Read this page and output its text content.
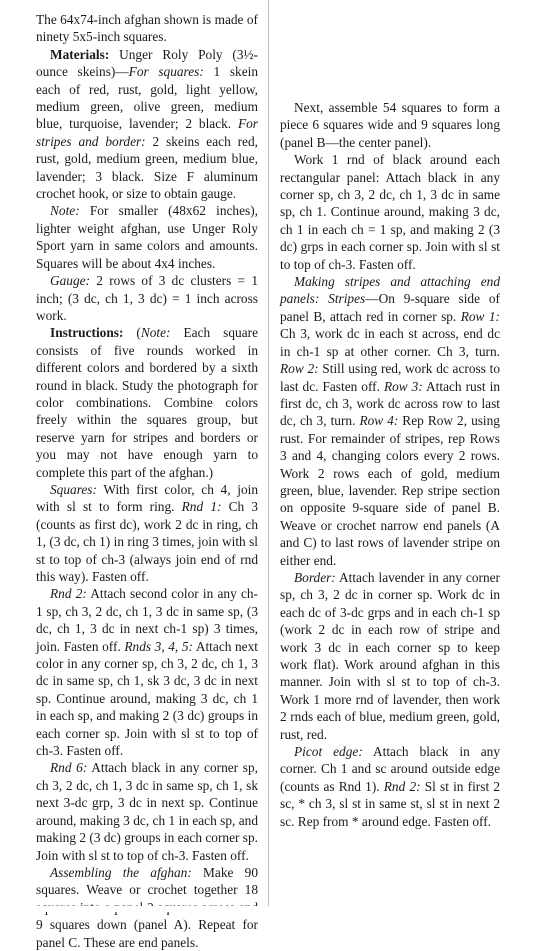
The 64x74-inch afghan shown is made of ninety 5x5-inch squares.

Materials: Unger Roly Poly (3½-ounce skeins)—For squares: 1 skein each of red, rust, gold, light yellow, medium green, olive green, medium blue, turquoise, lavender; 2 black. For stripes and border: 2 skeins each red, rust, gold, medium green, medium blue, lavender; 3 black. Size F aluminum crochet hook, or size to obtain gauge.

Note: For smaller (48x62 inches), lighter weight afghan, use Unger Roly Sport yarn in same colors and amounts. Squares will be about 4x4 inches.

Gauge: 2 rows of 3 dc clusters = 1 inch; (3 dc, ch 1, 3 dc) = 1 inch across work.

Instructions: (Note: Each square consists of five rounds worked in different colors and bordered by a sixth round in black. Study the photograph for color combinations. Combine colors freely within the squares group, but reserve yarn for stripes and borders or you may not have enough yarn to complete this part of the afghan.)

Squares: With first color, ch 4, join with sl st to form ring. Rnd 1: Ch 3 (counts as first dc), work 2 dc in ring, ch 1, (3 dc, ch 1) in ring 3 times, join with sl st to top of ch-3 (always join end of rnd this way). Fasten off.

Rnd 2: Attach second color in any ch-1 sp, ch 3, 2 dc, ch 1, 3 dc in same sp, (3 dc, ch 1, 3 dc in next ch-1 sp) 3 times, join. Fasten off. Rnds 3, 4, 5: Attach next color in any corner sp, ch 3, 2 dc, ch 1, 3 dc in same sp, ch 1, sk 3 dc, 3 dc in next sp. Continue around, making 3 dc, ch 1 in each sp, and making 2 (3 dc) groups in each corner sp. Join with sl st to top of ch-3. Fasten off.

Rnd 6: Attach black in any corner sp, ch 3, 2 dc, ch 1, 3 dc in same sp, ch 1, sk next 3-dc grp, 3 dc in next sp. Continue around, making 3 dc, ch 1 in each sp, and making 2 (3 dc) groups in each corner sp. Join with sl st to top of ch-3. Fasten off.

Assembling the afghan: Make 90 squares. Weave or crochet together 18 9 squares down (panel A). Repeat for panel C. These are end panels.

Next, assemble 54 squares to form a piece 6 squares wide and 9 squares long (panel B—the center panel).

Work 1 rnd of black around each rectangular panel: Attach black in any corner sp, ch 3, 2 dc, ch 1, 3 dc in same sp, ch 1. Continue around, making 3 dc, ch 1 in each ch = 1 sp, and making 2 (3 dc) grps in each corner sp. Join with sl st to top of ch-3. Fasten off.

Making stripes and attaching end panels: Stripes—On 9-square side of panel B, attach red in corner sp. Row 1: Ch 3, work dc in each st across, end dc in ch-1 sp at other corner. Ch 3, turn. Row 2: Still using red, work dc across to last dc. Fasten off. Row 3: Attach rust in first dc, ch 3, work dc across row to last dc, ch 3, turn. Row 4: Rep Row 2, using rust. For remainder of stripes, rep Rows 3 and 4, changing colors every 2 rows. Work 2 rows each of gold, medium green, blue, lavender. Rep stripe section on opposite 9-square side of panel B. Weave or crochet narrow end panels (A and C) to last rows of lavender stripe on either end.

Border: Attach lavender in any corner sp, ch 3, 2 dc in corner sp. Work dc in each dc of 3-dc grps and in each ch-1 sp (work 2 dc in each row of stripe and work 3 dc in each corner sp to keep work flat). Work around afghan in this manner. Join with sl st to top of ch-3. Work 1 more rnd of lavender, then work 2 rnds each of blue, medium green, gold, rust, red.

Picot edge: Attach black in any corner. Ch 1 and sc around outside edge (counts as Rnd 1). Rnd 2: Sl st in first 2 sc, * ch 3, sl st in same st, sl st in next 2 sc. Rep from * around edge. Fasten off.
